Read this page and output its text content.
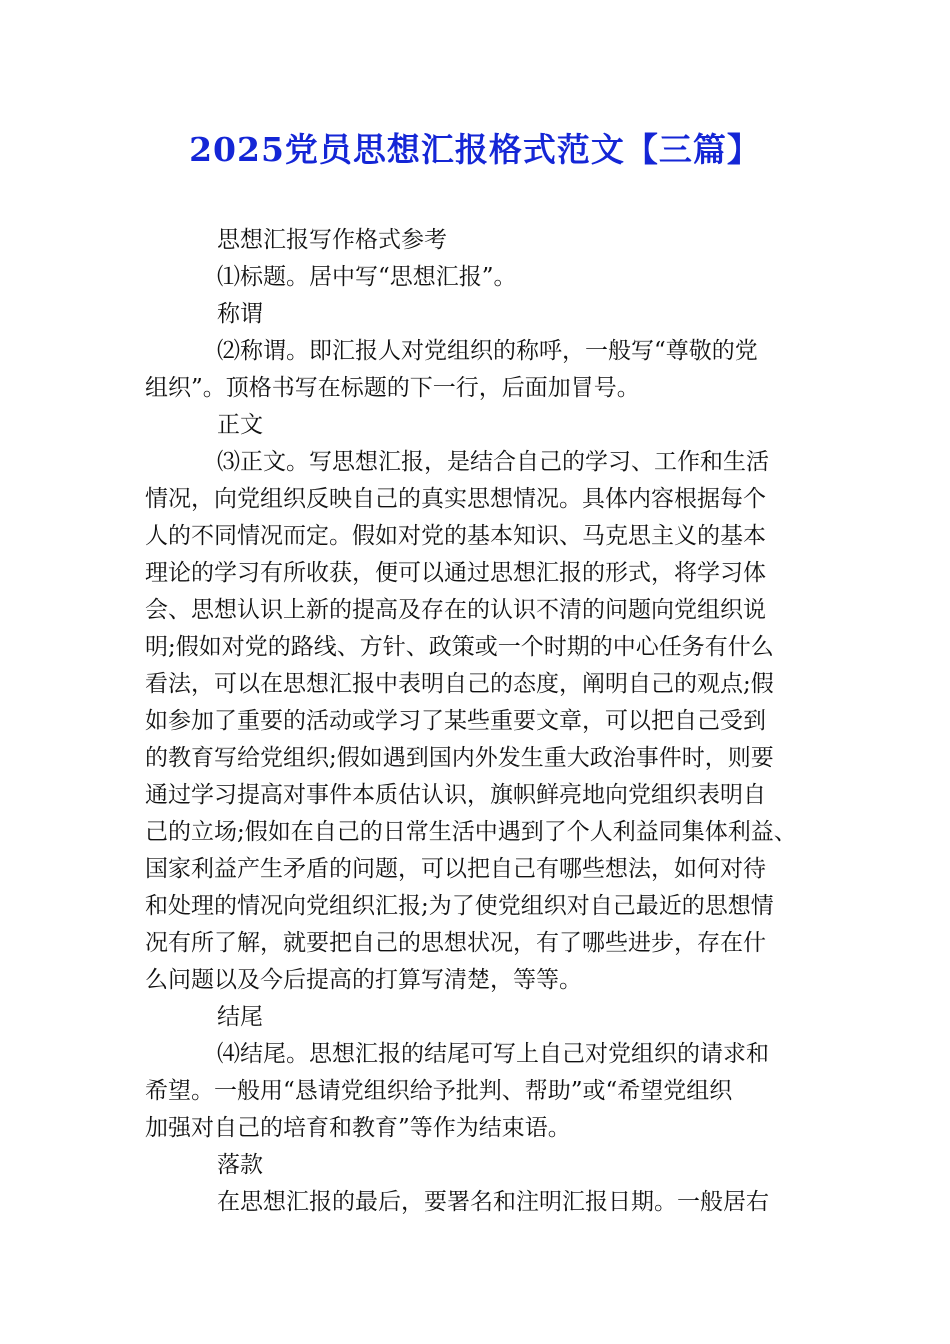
2025党员思想汇报格式范文【三篇】
思想汇报写作格式参考
⑴标题。居中写“思想汇报”。
称谓
⑵称谓。即汇报人对党组织的称呼，一般写“尊敬的党
组织”。顶格书写在标题的下一行，后面加冒号。
正文
⑶正文。写思想汇报，是结合自己的学习、工作和生活
情况，向党组织反映自己的真实思想情况。具体内容根据每个
人的不同情况而定。假如对党的基本知识、马克思主义的基本
理论的学习有所收获，便可以通过思想汇报的形式，将学习体
会、思想认识上新的提高及存在的认识不清的问题向党组织说
明;假如对党的路线、方针、政策或一个时期的中心任务有什么
看法，可以在思想汇报中表明自己的态度，阐明自己的观点;假
如参加了重要的活动或学习了某些重要文章，可以把自己受到
的教育写给党组织;假如遇到国内外发生重大政治事件时，则要
通过学习提高对事件本质估认识，旗帜鲜亮地向党组织表明自
己的立场;假如在自己的日常生活中遇到了个人利益同集体利益、
国家利益产生矛盾的问题，可以把自己有哪些想法，如何对待
和处理的情况向党组织汇报;为了使党组织对自己最近的思想情
况有所了解，就要把自己的思想状况，有了哪些进步，存在什
么问题以及今后提高的打算写清楚，等等。
结尾
⑷结尾。思想汇报的结尾可写上自己对党组织的请求和
希望。一般用“恳请党组织给予批判、帮助”或“希望党组织
加强对自己的培育和教育”等作为结束语。
落款
在思想汇报的最后，要署名和注明汇报日期。一般居右
